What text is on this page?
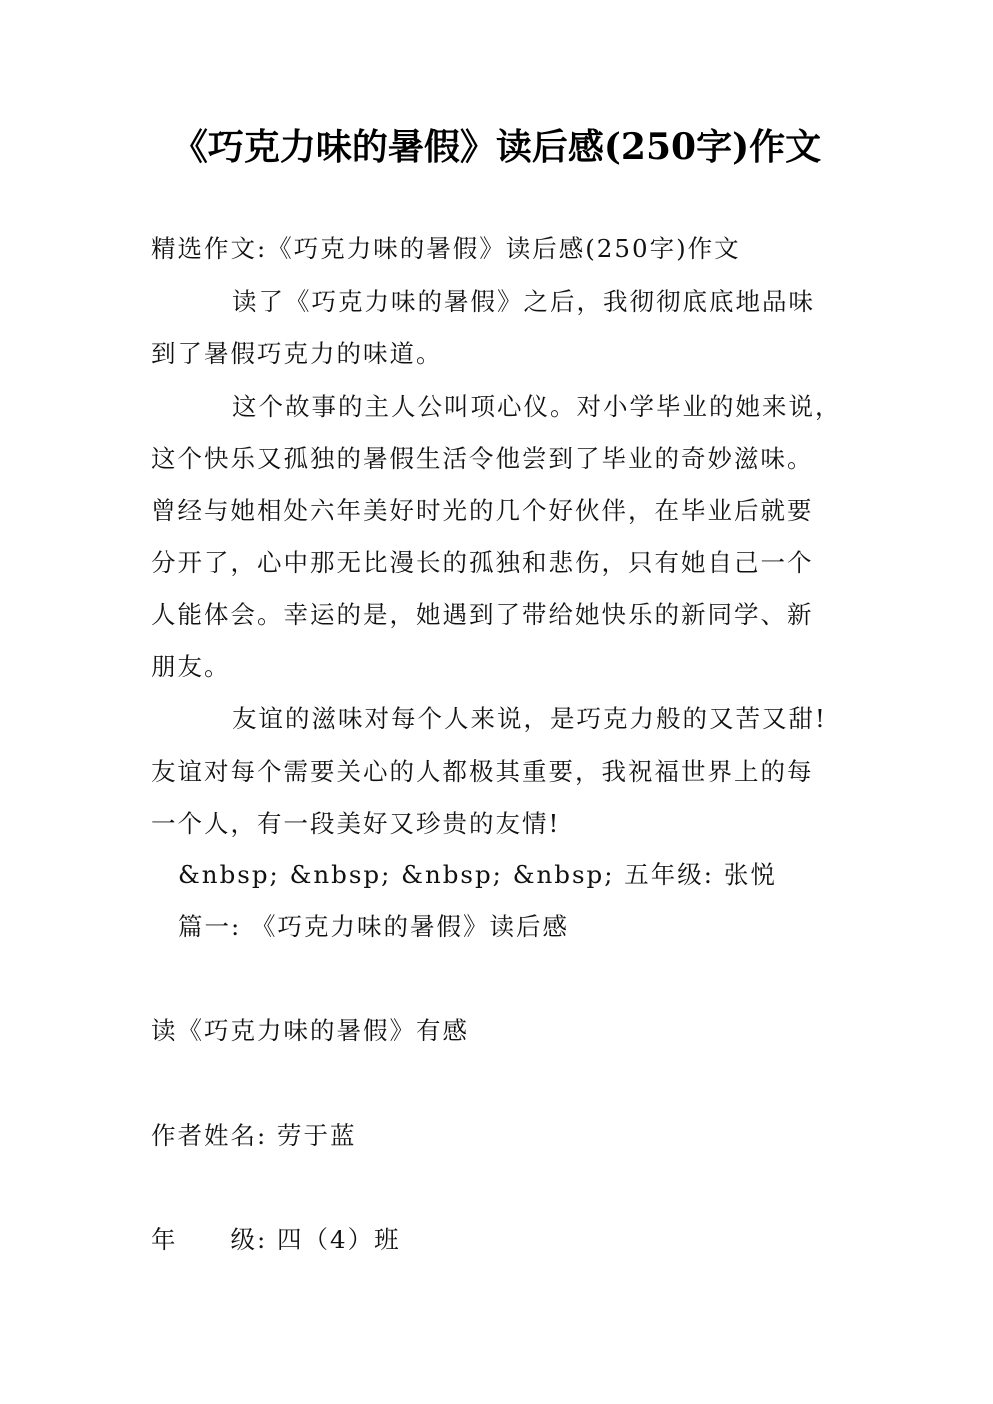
《巧克力味的暑假》读后感(250字)作文
精选作文:《巧克力味的暑假》读后感(250字)作文
读了《巧克力味的暑假》之后，我彻彻底底地品味
到了暑假巧克力的味道。
这个故事的主人公叫项心仪。对小学毕业的她来说，
这个快乐又孤独的暑假生活令他尝到了毕业的奇妙滋味。
曾经与她相处六年美好时光的几个好伙伴，在毕业后就要
分开了，心中那无比漫长的孤独和悲伤，只有她自己一个
人能体会。幸运的是，她遇到了带给她快乐的新同学、新
朋友。
友谊的滋味对每个人来说，是巧克力般的又苦又甜!
友谊对每个需要关心的人都极其重要，我祝福世界上的每
一个人，有一段美好又珍贵的友情!
&nbsp; &nbsp; &nbsp; &nbsp; 五年级: 张悦
篇一: 《巧克力味的暑假》读后感
读《巧克力味的暑假》有感
作者姓名: 劳于蓝
年　　级: 四（4）班
